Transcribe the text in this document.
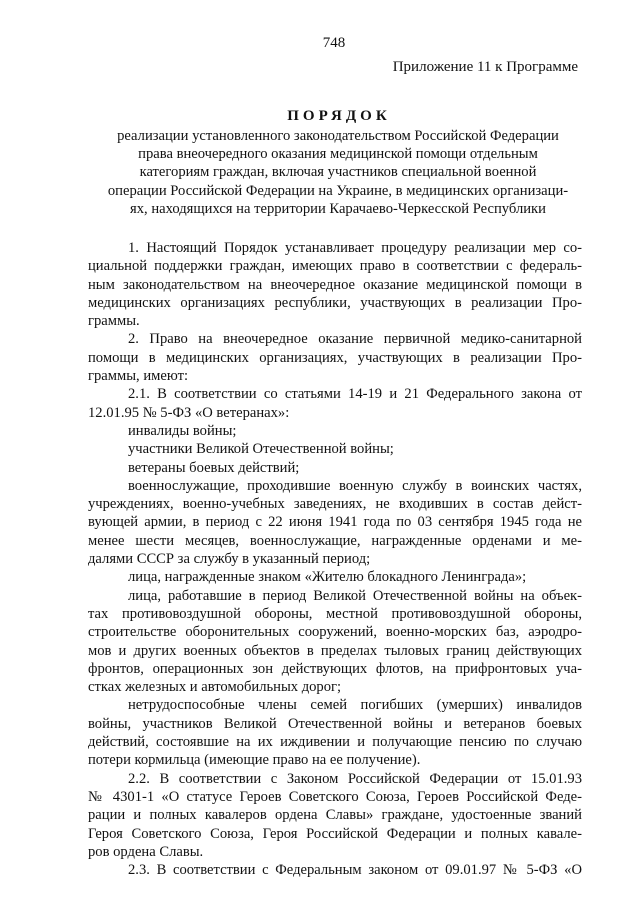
748
Приложение 11 к Программе
ПОРЯДОК
реализации установленного законодательством Российской Федерации
права внеочередного оказания медицинской помощи отдельным
категориям граждан, включая участников специальной военной
операции Российской Федерации на Украине, в медицинских организаци-
ях, находящихся на территории Карачаево-Черкесской Республики
1. Настоящий Порядок устанавливает процедуру реализации мер со-
циальной поддержки граждан, имеющих право в соответствии с федераль-
ным законодательством на внеочередное оказание медицинской помощи в
медицинских организациях республики, участвующих в реализации Про-
граммы.
2. Право на внеочередное оказание первичной медико-санитарной
помощи в медицинских организациях, участвующих в реализации Про-
граммы, имеют:
2.1. В соответствии со статьями 14-19 и 21 Федерального закона от
12.01.95 № 5-ФЗ «О ветеранах»:
инвалиды войны;
участники Великой Отечественной войны;
ветераны боевых действий;
военнослужащие, проходившие военную службу в воинских частях,
учреждениях, военно-учебных заведениях, не входивших в состав дейст-
вующей армии, в период с 22 июня 1941 года по 03 сентября 1945 года не
менее шести месяцев, военнослужащие, награжденные орденами и ме-
далями СССР за службу в указанный период;
лица, награжденные знаком «Жителю блокадного Ленинграда»;
лица, работавшие в период Великой Отечественной войны на объек-
тах противовоздушной обороны, местной противовоздушной обороны,
строительстве оборонительных сооружений, военно-морских баз, аэродро-
мов и других военных объектов в пределах тыловых границ действующих
фронтов, операционных зон действующих флотов, на прифронтовых уча-
стках железных и автомобильных дорог;
нетрудоспособные члены семей погибших (умерших) инвалидов
войны, участников Великой Отечественной войны и ветеранов боевых
действий, состоявшие на их иждивении и получающие пенсию по случаю
потери кормильца (имеющие право на ее получение).
2.2. В соответствии с Законом Российской Федерации от 15.01.93
№ 4301-1 «О статусе Героев Советского Союза, Героев Российской Феде-
рации и полных кавалеров ордена Славы» граждане, удостоенные званий
Героя Советского Союза, Героя Российской Федерации и полных кавале-
ров ордена Славы.
2.3. В соответствии с Федеральным законом от 09.01.97 № 5-ФЗ «О
